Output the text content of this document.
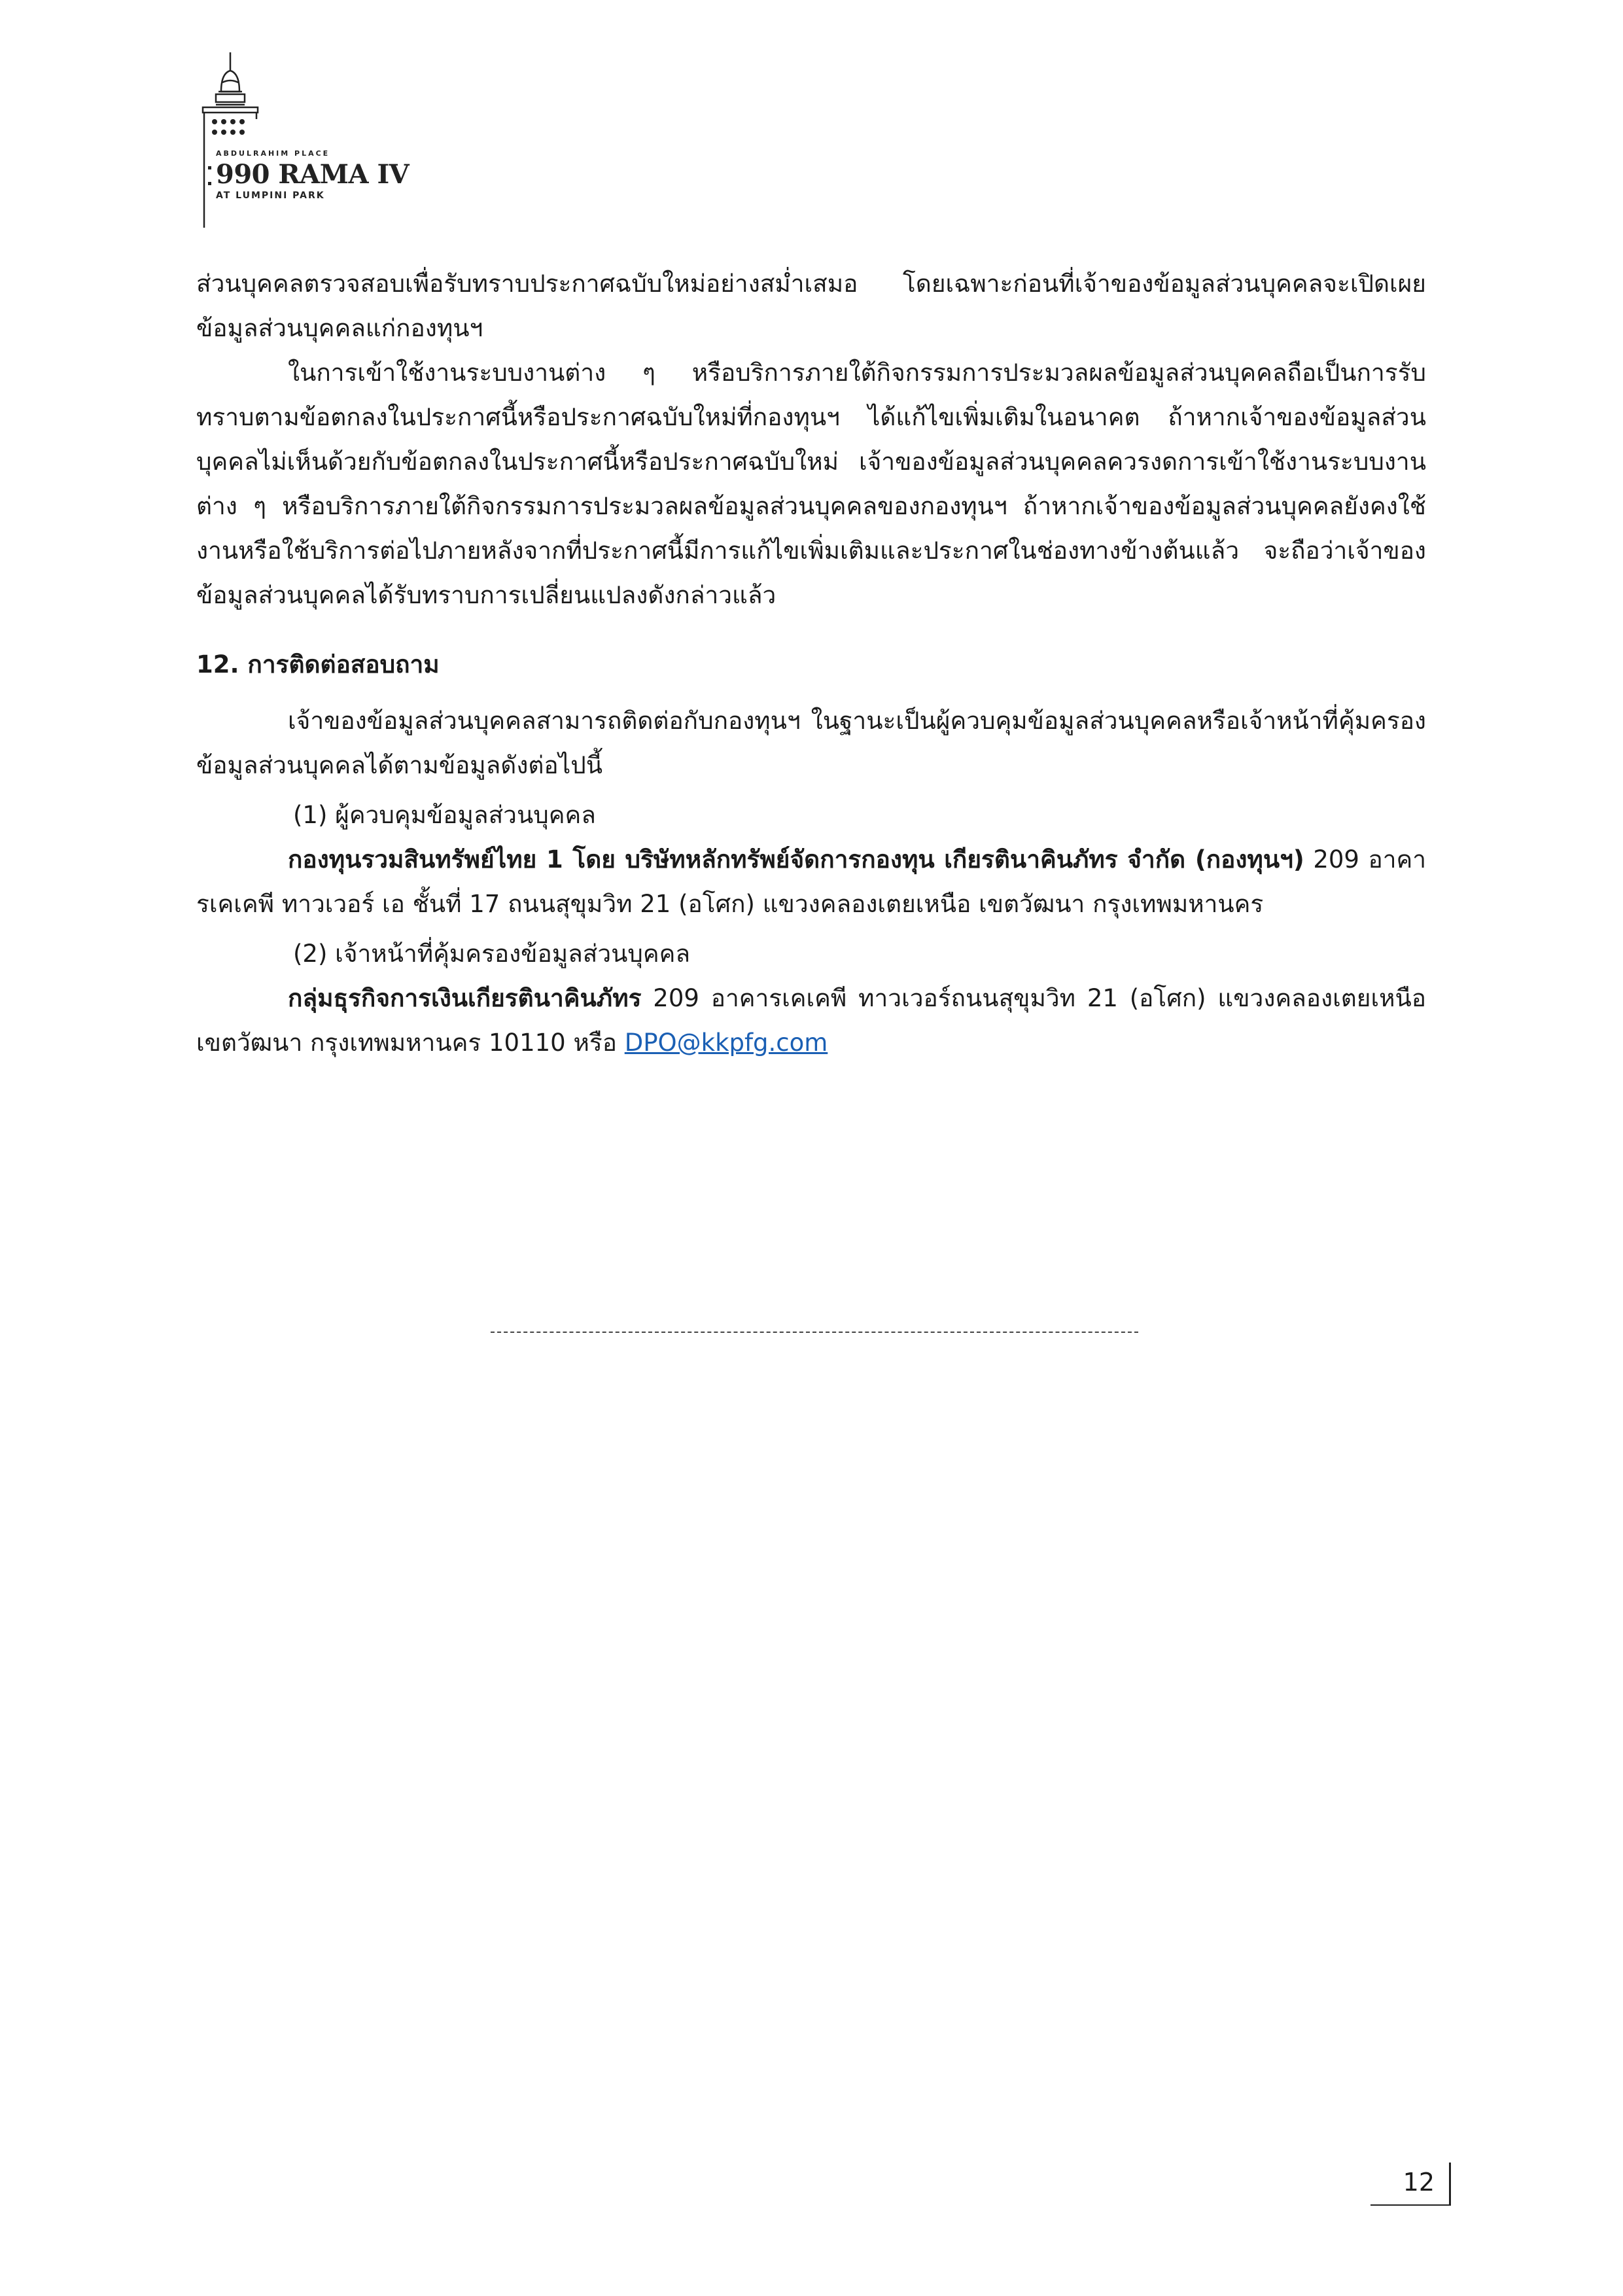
ABDULRAHIM PLACE
990 RAMA IV
AT LUMPINI PARK

ส่วนบุคคลตรวจสอบเพื่อรับทราบประกาศฉบับใหม่อย่างสม่ำเสมอ โดยเฉพาะก่อนที่เจ้าของข้อมูลส่วนบุคคลจะเปิดเผยข้อมูลส่วนบุคคลแก่กองทุนฯ

ในการเข้าใช้งานระบบงานต่าง ๆ หรือบริการภายใต้กิจกรรมการประมวลผลข้อมูลส่วนบุคคลถือเป็นการรับทราบตามข้อตกลงในประกาศนี้หรือประกาศฉบับใหม่ที่กองทุนฯ ได้แก้ไขเพิ่มเติมในอนาคต ถ้าหากเจ้าของข้อมูลส่วนบุคคลไม่เห็นด้วยกับข้อตกลงในประกาศนี้หรือประกาศฉบับใหม่ เจ้าของข้อมูลส่วนบุคคลควรงดการเข้าใช้งานระบบงานต่าง ๆ หรือบริการภายใต้กิจกรรมการประมวลผลข้อมูลส่วนบุคคลของกองทุนฯ ถ้าหากเจ้าของข้อมูลส่วนบุคคลยังคงใช้งานหรือใช้บริการต่อไปภายหลังจากที่ประกาศนี้มีการแก้ไขเพิ่มเติมและประกาศในช่องทางข้างต้นแล้ว จะถือว่าเจ้าของข้อมูลส่วนบุคคลได้รับทราบการเปลี่ยนแปลงดังกล่าวแล้ว

12. การติดต่อสอบถาม

เจ้าของข้อมูลส่วนบุคคลสามารถติดต่อกับกองทุนฯ ในฐานะเป็นผู้ควบคุมข้อมูลส่วนบุคคลหรือเจ้าหน้าที่คุ้มครองข้อมูลส่วนบุคคลได้ตามข้อมูลดังต่อไปนี้

(1) ผู้ควบคุมข้อมูลส่วนบุคคล

กองทุนรวมสินทรัพย์ไทย 1 โดย บริษัทหลักทรัพย์จัดการกองทุน เกียรตินาคินภัทร จำกัด (กองทุนฯ) 209 อาคารเคเคพี ทาวเวอร์ เอ ชั้นที่ 17 ถนนสุขุมวิท 21 (อโศก) แขวงคลองเตยเหนือ เขตวัฒนา กรุงเทพมหานคร

(2) เจ้าหน้าที่คุ้มครองข้อมูลส่วนบุคคล

กลุ่มธุรกิจการเงินเกียรตินาคินภัทร 209 อาคารเคเคพี ทาวเวอร์ถนนสุขุมวิท 21 (อโศก) แขวงคลองเตยเหนือ เขตวัฒนา กรุงเทพมหานคร 10110 หรือ DPO@kkpfg.com

12
